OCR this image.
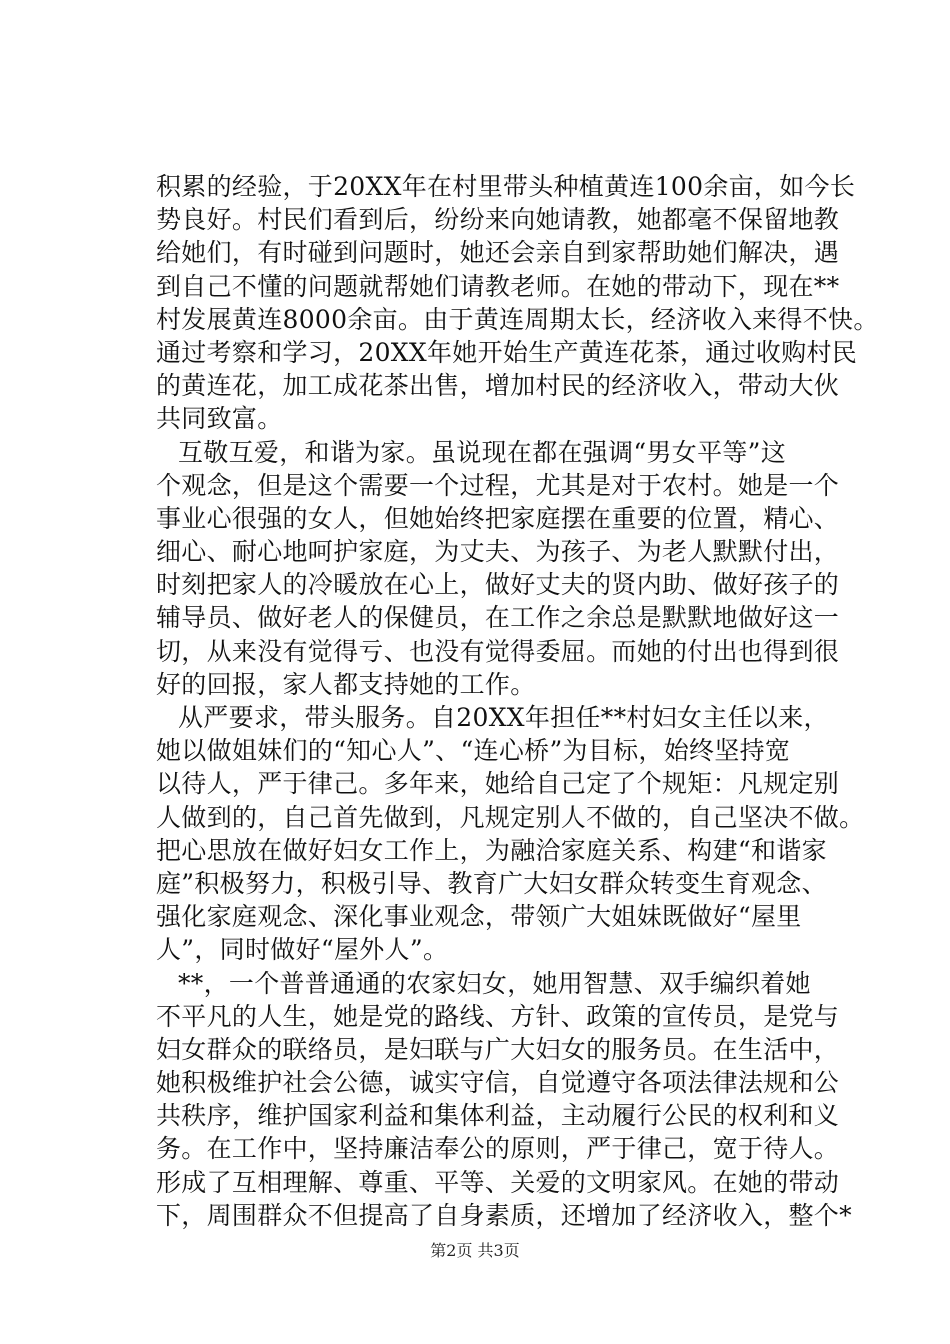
积累的经验，于20XX年在村里带头种植黄连100余亩，如今长
势良好。村民们看到后，纷纷来向她请教，她都毫不保留地教
给她们，有时碰到问题时，她还会亲自到家帮助她们解决，遇
到自己不懂的问题就帮她们请教老师。在她的带动下，现在**
村发展黄连8000余亩。由于黄连周期太长，经济收入来得不快。
通过考察和学习，20XX年她开始生产黄连花茶，通过收购村民
的黄连花，加工成花茶出售，增加村民的经济收入，带动大伙
共同致富。
互敬互爱，和谐为家。虽说现在都在强调“男女平等”这
个观念，但是这个需要一个过程，尤其是对于农村。她是一个
事业心很强的女人，但她始终把家庭摆在重要的位置，精心、
细心、耐心地呵护家庭，为丈夫、为孩子、为老人默默付出，
时刻把家人的冷暖放在心上，做好丈夫的贤内助、做好孩子的
辅导员、做好老人的保健员，在工作之余总是默默地做好这一
切，从来没有觉得亏、也没有觉得委屈。而她的付出也得到很
好的回报，家人都支持她的工作。
从严要求，带头服务。自20XX年担任**村妇女主任以来，
她以做姐妹们的“知心人”、“连心桥”为目标，始终坚持宽
以待人，严于律己。多年来，她给自己定了个规矩：凡规定别
人做到的，自己首先做到，凡规定别人不做的，自己坚决不做。
把心思放在做好妇女工作上，为融洽家庭关系、构建“和谐家
庭”积极努力，积极引导、教育广大妇女群众转变生育观念、
强化家庭观念、深化事业观念，带领广大姐妹既做好“屋里
人”，同时做好“屋外人”。
**，一个普普通通的农家妇女，她用智慧、双手编织着她
不平凡的人生，她是党的路线、方针、政策的宣传员，是党与
妇女群众的联络员，是妇联与广大妇女的服务员。在生活中，
她积极维护社会公德，诚实守信，自觉遵守各项法律法规和公
共秩序，维护国家利益和集体利益，主动履行公民的权利和义
务。在工作中，坚持廉洁奉公的原则，严于律己，宽于待人。
形成了互相理解、尊重、平等、关爱的文明家风。在她的带动
下，周围群众不但提高了自身素质，还增加了经济收入，整个*
第2页 共3页
